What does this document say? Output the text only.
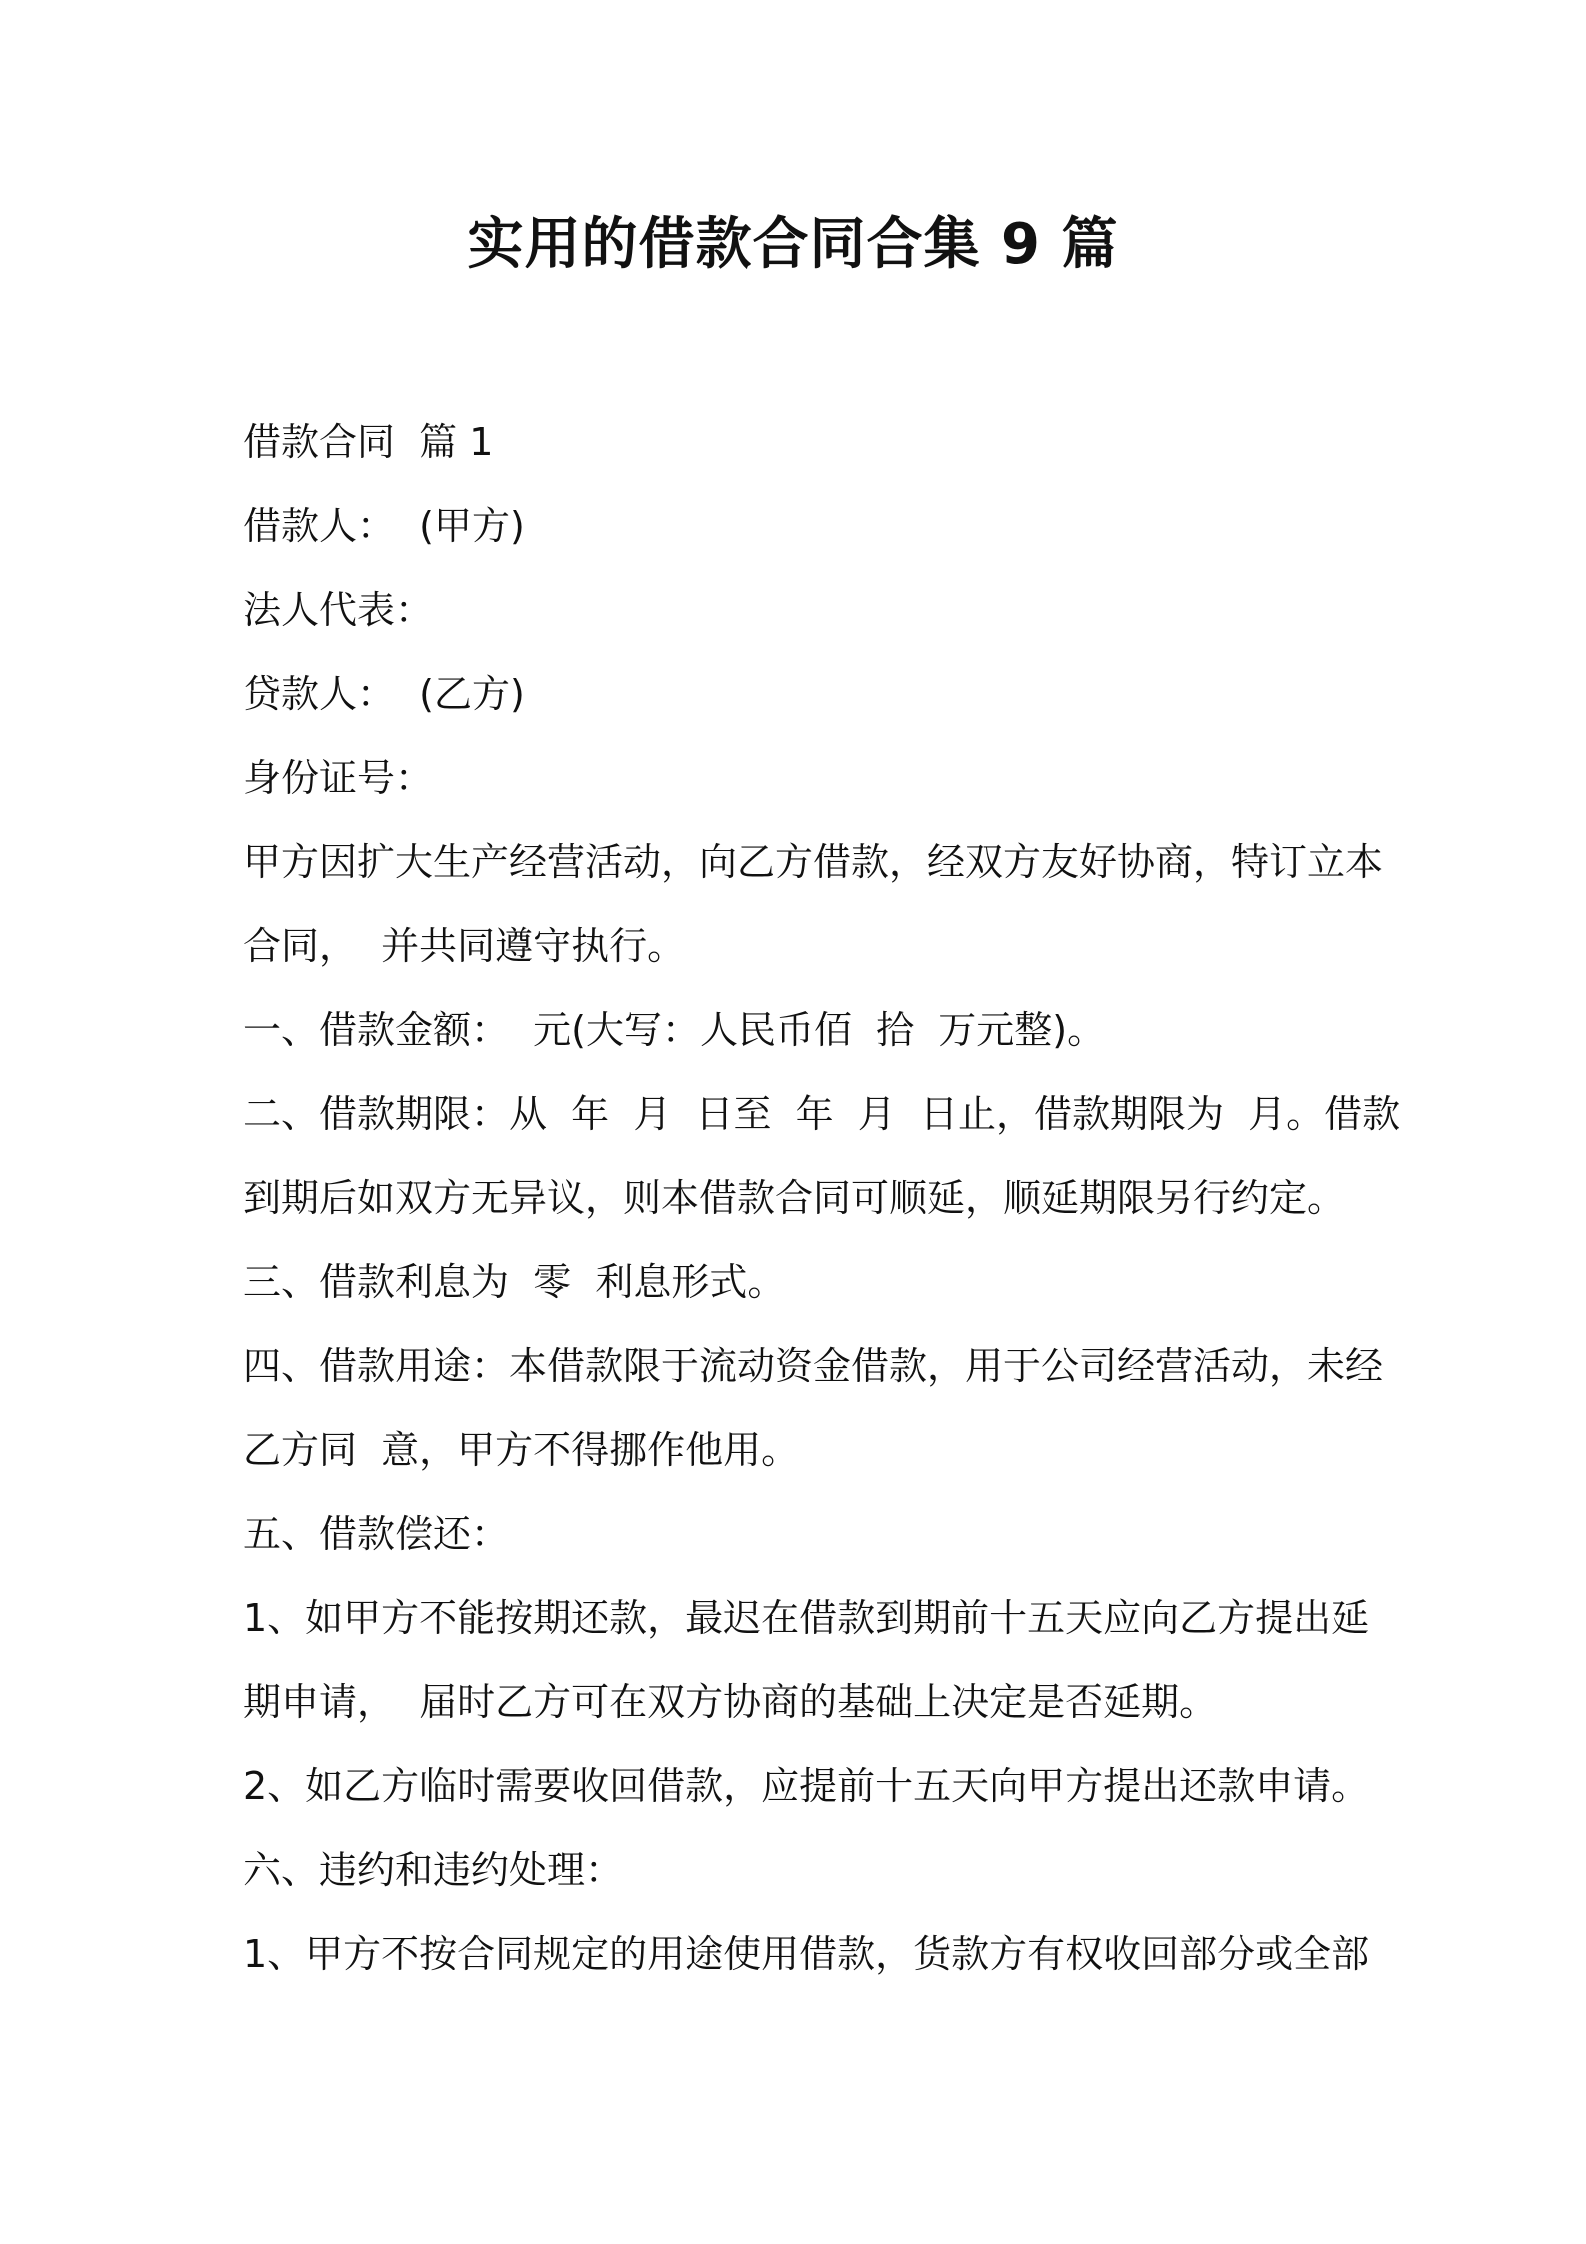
实用的借款合同合集 9 篇

借款合同  篇 1

借款人：  (甲方)

法人代表：

贷款人：  (乙方)

身份证号：

甲方因扩大生产经营活动，向乙方借款，经双方友好协商，特订立本

合同，  并共同遵守执行。

一、借款金额：  元(大写：人民币佰  拾  万元整)。

二、借款期限：从  年  月  日至  年  月  日止，借款期限为  月。借款

到期后如双方无异议，则本借款合同可顺延，顺延期限另行约定。

三、借款利息为  零  利息形式。

四、借款用途：本借款限于流动资金借款，用于公司经营活动，未经

乙方同  意，甲方不得挪作他用。

五、借款偿还：

1、如甲方不能按期还款，最迟在借款到期前十五天应向乙方提出延

期申请，  届时乙方可在双方协商的基础上决定是否延期。

2、如乙方临时需要收回借款，应提前十五天向甲方提出还款申请。

六、违约和违约处理：

1、甲方不按合同规定的用途使用借款，货款方有权收回部分或全部
